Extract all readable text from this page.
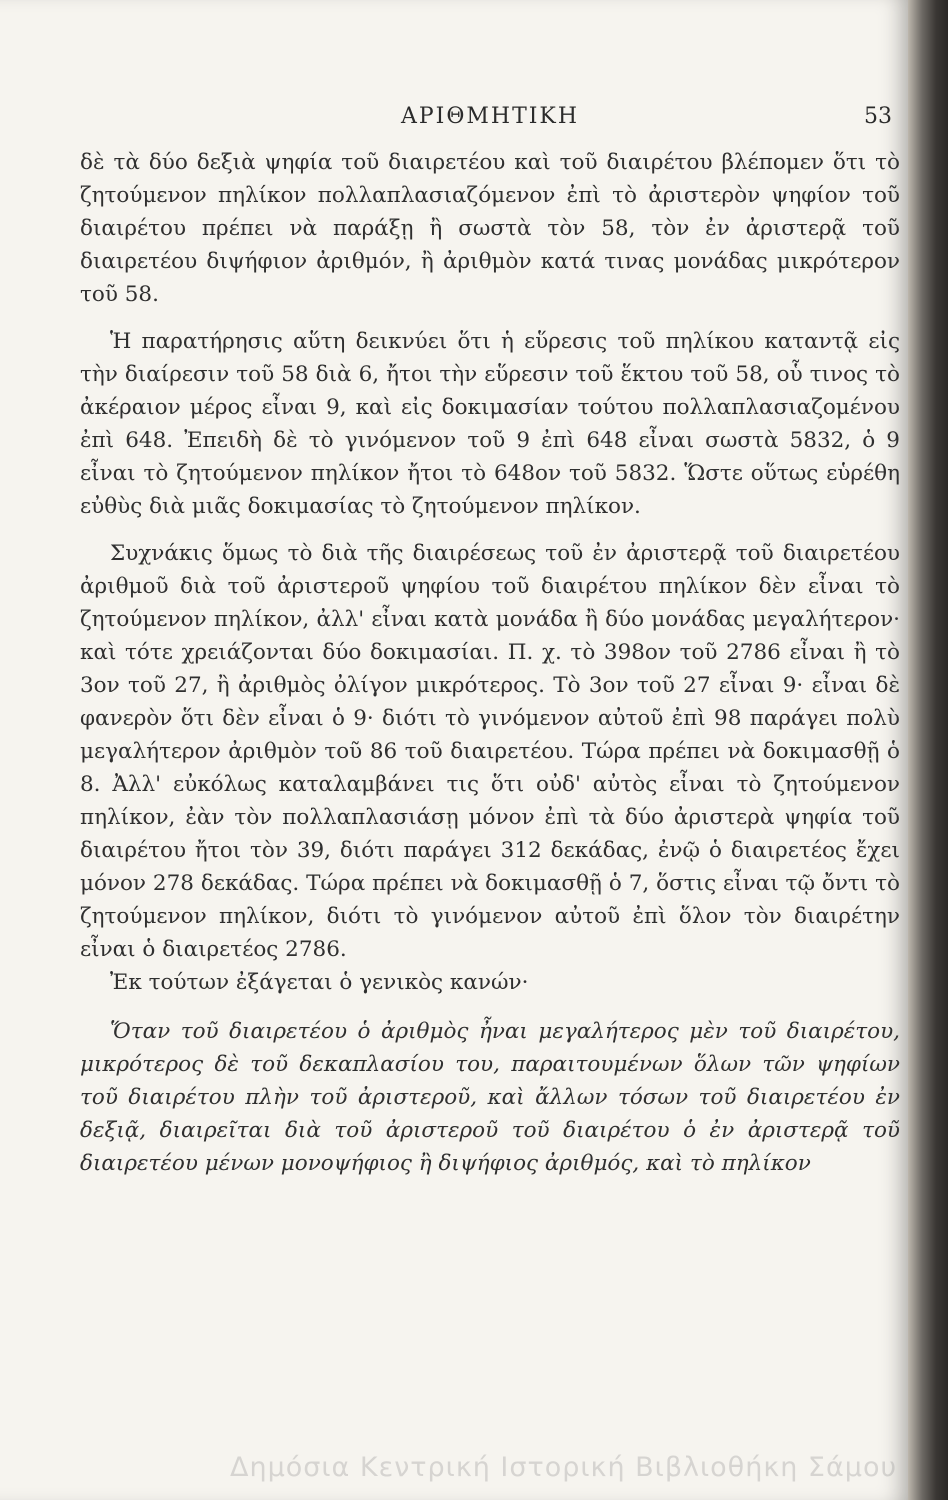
ΑΡΙΘΜΗΤΙΚΗ	53

δὲ τὰ δύο δεξιὰ ψηφία τοῦ διαιρετέου καὶ τοῦ διαιρέτου βλέπομεν ὅτι τὸ ζητούμενον πηλίκον πολλαπλασιαζόμενον ἐπὶ τὸ ἀριστερὸν ψηφίον τοῦ διαιρέτου πρέπει νὰ παράξῃ ἢ σωστὰ τὸν 58, τὸν ἐν ἀριστερᾷ τοῦ διαιρετέου διψήφιον ἀριθμόν, ἢ ἀριθμὸν κατά τινας μονάδας μικρότερον τοῦ 58.

Ἡ παρατήρησις αὕτη δεικνύει ὅτι ἡ εὕρεσις τοῦ πηλίκου καταντᾷ εἰς τὴν διαίρεσιν τοῦ 58 διὰ 6, ἤτοι τὴν εὕρεσιν τοῦ ἕκτου τοῦ 58, οὗ τινος τὸ ἀκέραιον μέρος εἶναι 9, καὶ εἰς δοκιμασίαν τούτου πολλαπλασιαζομένου ἐπὶ 648. Ἐπειδὴ δὲ τὸ γινόμενον τοῦ 9 ἐπὶ 648 εἶναι σωστὰ 5832, ὁ 9 εἶναι τὸ ζητούμενον πηλίκον ἤτοι τὸ 648ον τοῦ 5832. Ὥστε οὕτως εὑρέθη εὐθὺς διὰ μιᾶς δοκιμασίας τὸ ζητούμενον πηλίκον.

Συχνάκις ὅμως τὸ διὰ τῆς διαιρέσεως τοῦ ἐν ἀριστερᾷ τοῦ διαιρετέου ἀριθμοῦ διὰ τοῦ ἀριστεροῦ ψηφίου τοῦ διαιρέτου πηλίκον δὲν εἶναι τὸ ζητούμενον πηλίκον, ἀλλ' εἶναι κατὰ μονάδα ἢ δύο μονάδας μεγαλήτερον· καὶ τότε χρειάζονται δύο δοκιμασίαι. Π. χ. τὸ 398ον τοῦ 2786 εἶναι ἢ τὸ 3ον τοῦ 27, ἢ ἀριθμὸς ὀλίγον μικρότερος. Τὸ 3ον τοῦ 27 εἶναι 9· εἶναι δὲ φανερὸν ὅτι δὲν εἶναι ὁ 9· διότι τὸ γινόμενον αὐτοῦ ἐπὶ 98 παράγει πολὺ μεγαλήτερον ἀριθμὸν τοῦ 86 τοῦ διαιρετέου. Τώρα πρέπει νὰ δοκιμασθῇ ὁ 8. Ἀλλ' εὐκόλως καταλαμβάνει τις ὅτι οὐδ' αὐτὸς εἶναι τὸ ζητούμενον πηλίκον, ἐὰν τὸν πολλαπλασιάσῃ μόνον ἐπὶ τὰ δύο ἀριστερὰ ψηφία τοῦ διαιρέτου ἤτοι τὸν 39, διότι παράγει 312 δεκάδας, ἐνῷ ὁ διαιρετέος ἔχει μόνον 278 δεκάδας. Τώρα πρέπει νὰ δοκιμασθῇ ὁ 7, ὅστις εἶναι τῷ ὄντι τὸ ζητούμενον πηλίκον, διότι τὸ γινόμενον αὐτοῦ ἐπὶ ὅλον τὸν διαιρέτην εἶναι ὁ διαιρετέος 2786.

Ἐκ τούτων ἐξάγεται ὁ γενικὸς κανών·

Ὅταν τοῦ διαιρετέου ὁ ἀριθμὸς ἦναι μεγαλήτερος μὲν τοῦ διαιρέτου, μικρότερος δὲ τοῦ δεκαπλασίου του, παραιτουμένων ὅλων τῶν ψηφίων τοῦ διαιρέτου πλὴν τοῦ ἀριστεροῦ, καὶ ἄλλων τόσων τοῦ διαιρετέου ἐν δεξιᾷ, διαιρεῖται διὰ τοῦ ἀριστεροῦ τοῦ διαιρέτου ὁ ἐν ἀριστερᾷ τοῦ διαιρετέου μένων μονοψήφιος ἢ διψήφιος ἀριθμός, καὶ τὸ πηλίκον

Δημόσια Κεντρική Ιστορική Βιβλιοθήκη Σάμου
